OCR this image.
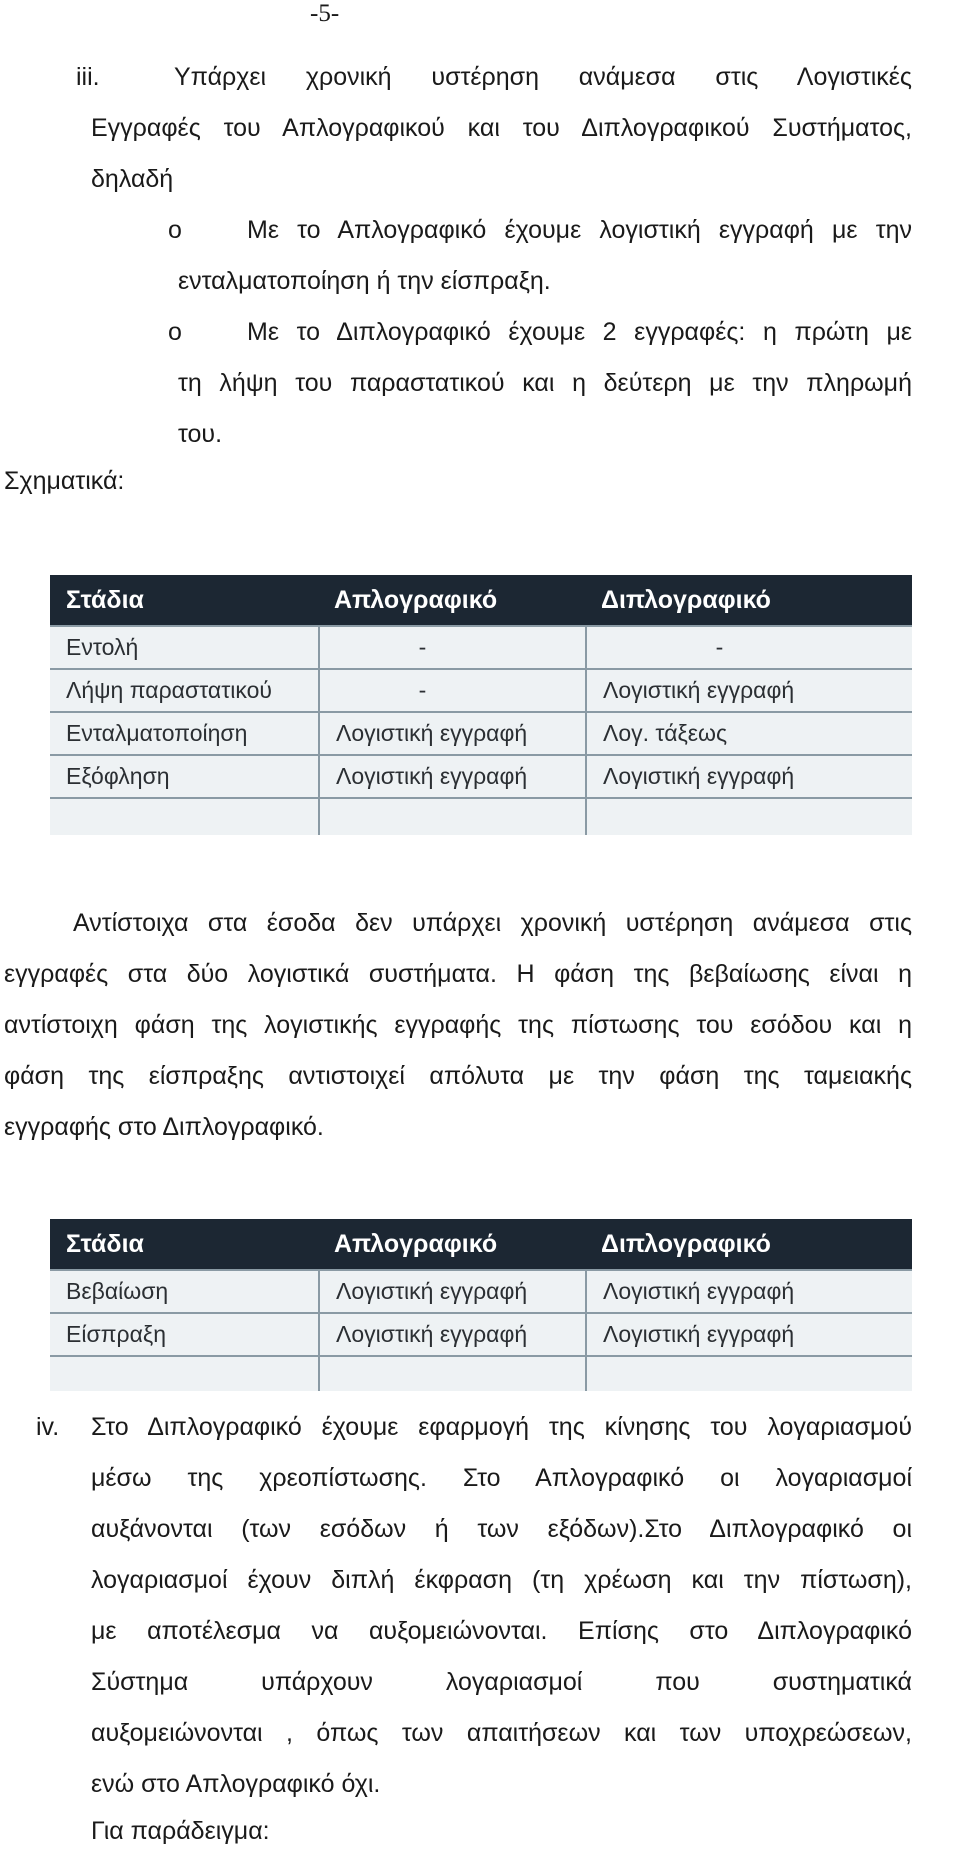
-5-
iii.	Υπάρχει χρονική υστέρηση ανάμεσα στις Λογιστικές
Εγγραφές του Απλογραφικού και του Διπλογραφικού Συστήματος,
δηλαδή
o	Με το Απλογραφικό έχουμε λογιστική εγγραφή με την
ενταλματοποίηση ή την είσπραξη.
o	Με το Διπλογραφικό έχουμε 2 εγγραφές: η πρώτη με
τη λήψη του παραστατικού και η δεύτερη με την πληρωμή
του.
Σχηματικά:
Στάδια	Απλογραφικό	Διπλογραφικό
Εντολή	-	-
Λήψη παραστατικού	-	Λογιστική εγγραφή
Ενταλματοποίηση	Λογιστική εγγραφή	Λογ. τάξεως
Εξόφληση	Λογιστική εγγραφή	Λογιστική εγγραφή
Αντίστοιχα στα έσοδα δεν υπάρχει χρονική υστέρηση ανάμεσα στις
εγγραφές στα δύο λογιστικά συστήματα. Η φάση της βεβαίωσης είναι η
αντίστοιχη φάση της λογιστικής εγγραφής της πίστωσης του εσόδου και η
φάση της είσπραξης αντιστοιχεί απόλυτα με την φάση της ταμειακής
εγγραφής στο Διπλογραφικό.
Στάδια	Απλογραφικό	Διπλογραφικό
Βεβαίωση	Λογιστική εγγραφή	Λογιστική εγγραφή
Είσπραξη	Λογιστική εγγραφή	Λογιστική εγγραφή
iv. Στο Διπλογραφικό έχουμε εφαρμογή της κίνησης του λογαριασμού
μέσω της χρεοπίστωσης. Στο Απλογραφικό οι λογαριασμοί
αυξάνονται (των εσόδων ή των εξόδων).Στο Διπλογραφικό οι
λογαριασμοί έχουν διπλή έκφραση (τη χρέωση και την πίστωση),
με αποτέλεσμα να αυξομειώνονται. Επίσης στο Διπλογραφικό
Σύστημα υπάρχουν λογαριασμοί που συστηματικά
αυξομειώνονται , όπως των απαιτήσεων και των υποχρεώσεων,
ενώ στο Απλογραφικό όχι.
Για παράδειγμα:
